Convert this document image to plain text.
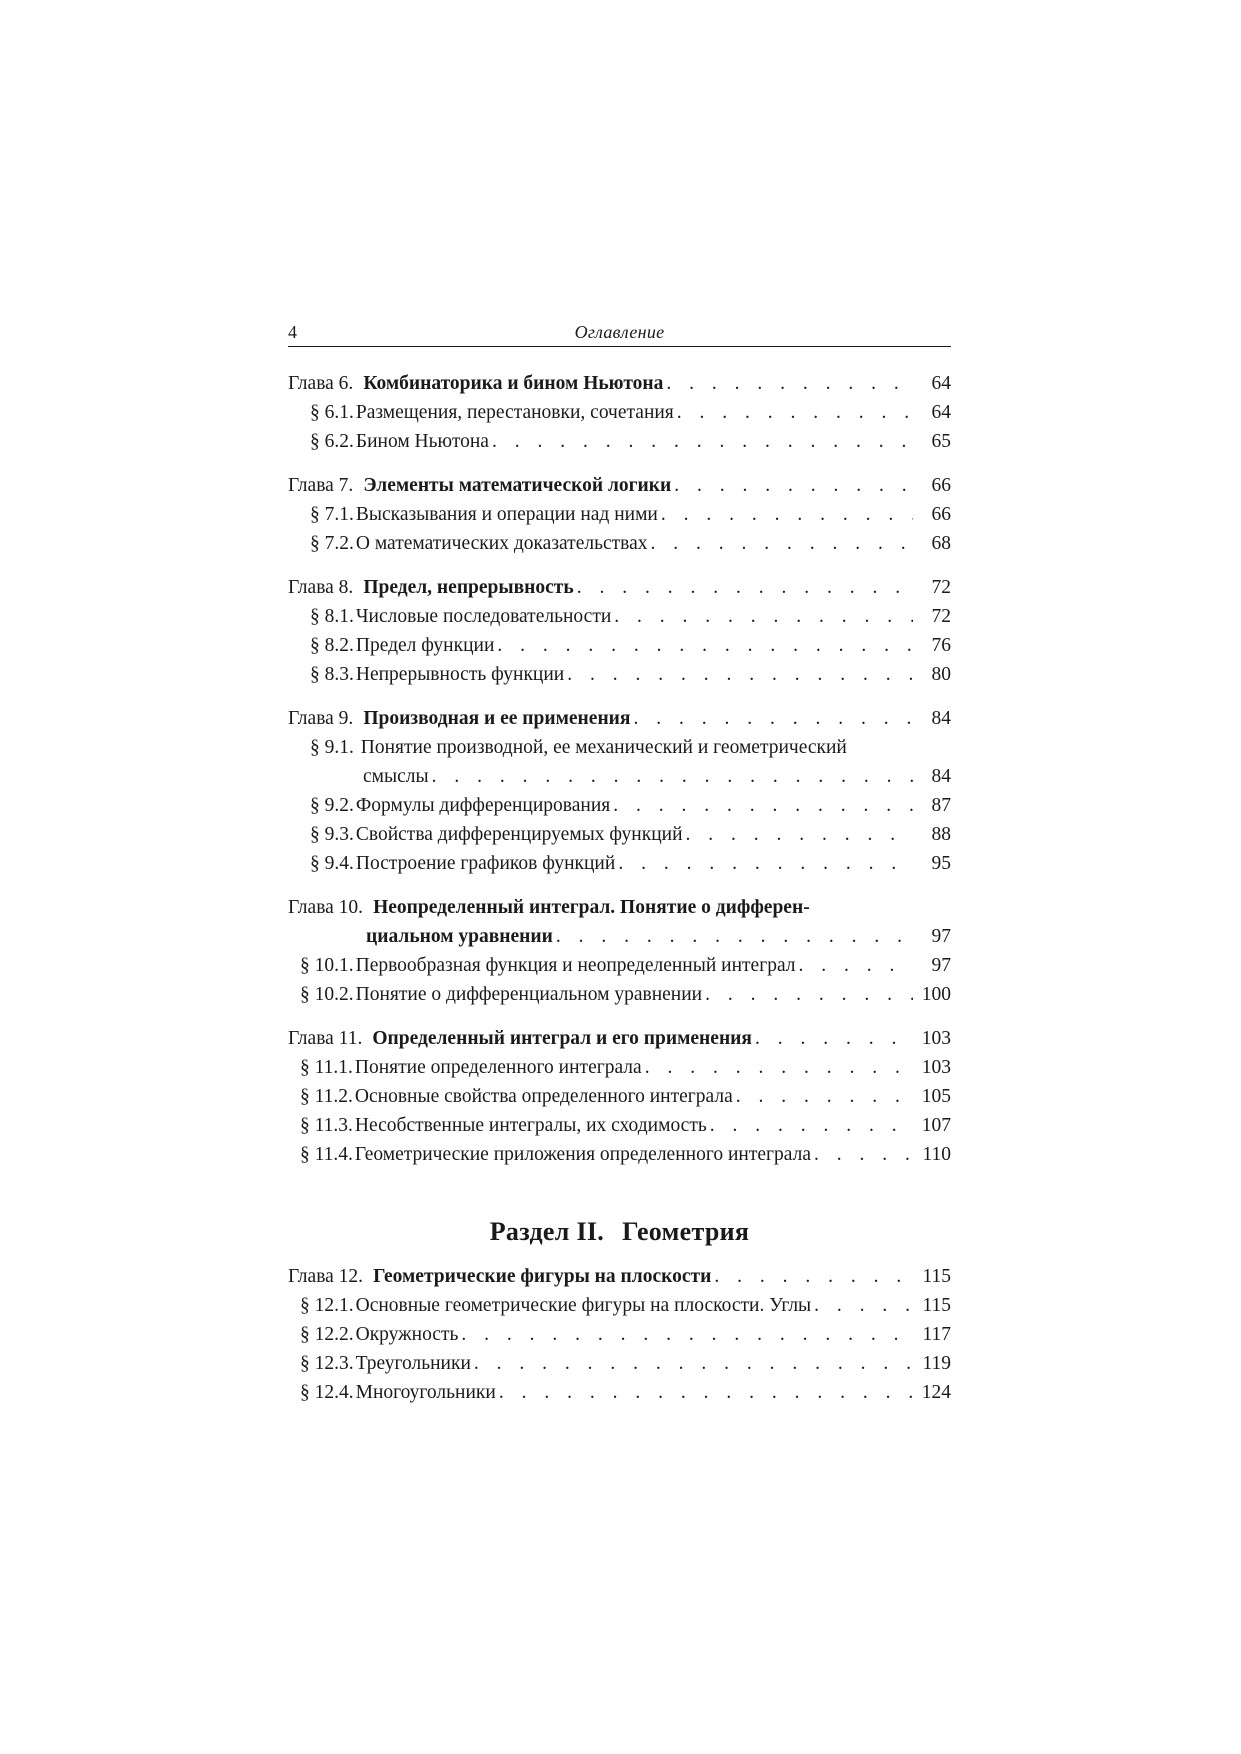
4	Оглавление
Глава 6. Комбинаторика и бином Ньютона . . .	64
§ 6.1. Размещения, перестановки, сочетания . . .	64
§ 6.2. Бином Ньютона . . .	65
Глава 7. Элементы математической логики . . .	66
§ 7.1. Высказывания и операции над ними . . .	66
§ 7.2. О математических доказательствах . . .	68
Глава 8. Предел, непрерывность . . .	72
§ 8.1. Числовые последовательности . . .	72
§ 8.2. Предел функции . . .	76
§ 8.3. Непрерывность функции . . .	80
Глава 9. Производная и ее применения . . .	84
§ 9.1. Понятие производной, ее механический и геометрический
смыслы . . .	84
§ 9.2. Формулы дифференцирования . . .	87
§ 9.3. Свойства дифференцируемых функций . . .	88
§ 9.4. Построение графиков функций . . .	95
Глава 10. Неопределенный интеграл. Понятие о дифферен-
циальном уравнении . . .	97
§ 10.1. Первообразная функция и неопределенный интеграл . . .	97
§ 10.2. Понятие о дифференциальном уравнении . . .	100
Глава 11. Определенный интеграл и его применения . . .	103
§ 11.1. Понятие определенного интеграла . . .	103
§ 11.2. Основные свойства определенного интеграла . . .	105
§ 11.3. Несобственные интегралы, их сходимость . . .	107
§ 11.4. Геометрические приложения определенного интеграла . . .	110
Раздел II. Геометрия
Глава 12. Геометрические фигуры на плоскости . . .	115
§ 12.1. Основные геометрические фигуры на плоскости. Углы . . .	115
§ 12.2. Окружность . . .	117
§ 12.3. Треугольники . . .	119
§ 12.4. Многоугольники . . .	124
